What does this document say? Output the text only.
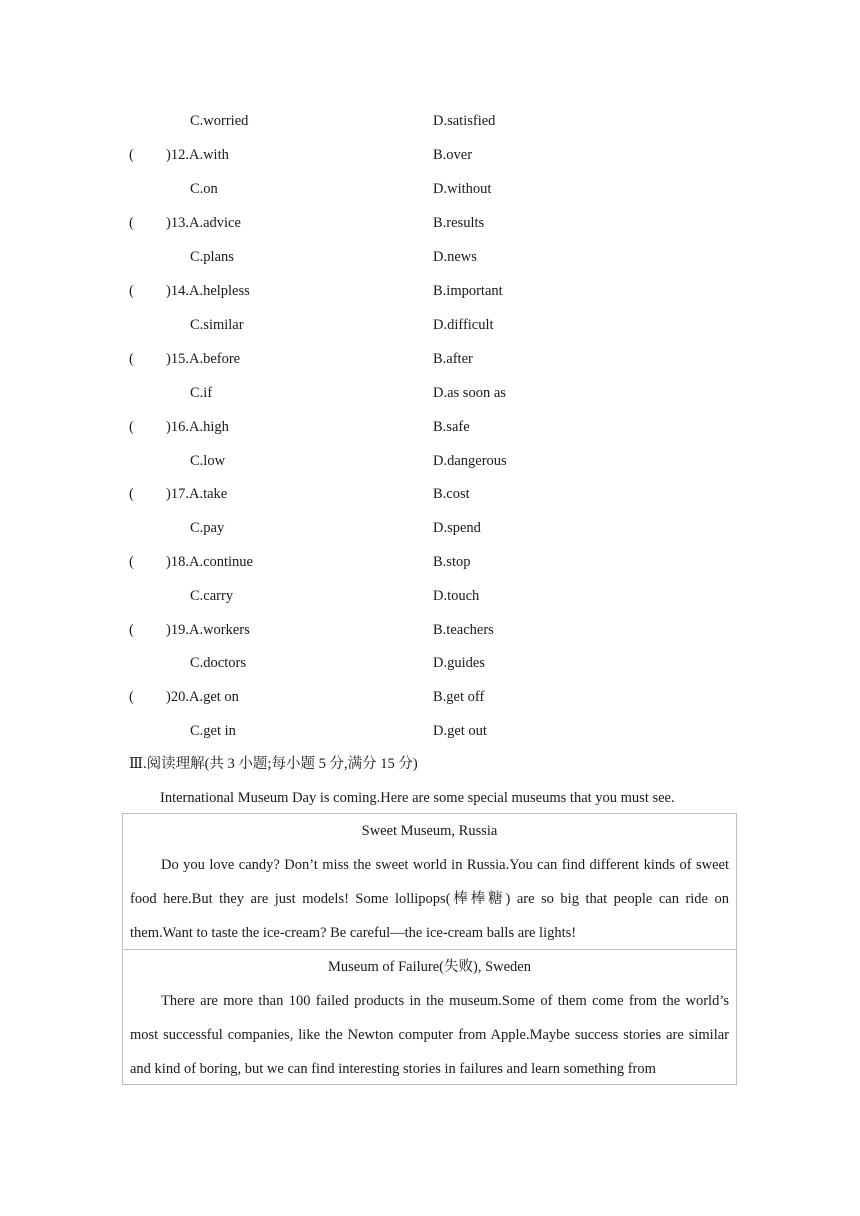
C.worried	D.satisfied
( )12.A.with	B.over
C.on	D.without
( )13.A.advice	B.results
C.plans	D.news
( )14.A.helpless	B.important
C.similar	D.difficult
( )15.A.before	B.after
C.if	D.as soon as
( )16.A.high	B.safe
C.low	D.dangerous
( )17.A.take	B.cost
C.pay	D.spend
( )18.A.continue	B.stop
C.carry	D.touch
( )19.A.workers	B.teachers
C.doctors	D.guides
( )20.A.get on	B.get off
C.get in	D.get out
Ⅲ.阅读理解(共 3 小题;每小题 5 分,满分 15 分)
International Museum Day is coming.Here are some special museums that you must see.
Sweet Museum, Russia

Do you love candy? Don’t miss the sweet world in Russia.You can find different kinds of sweet food here.But they are just models! Some lollipops(棒棒糖) are so big that people can ride on them.Want to taste the ice-cream? Be careful—the ice-cream balls are lights!

Museum of Failure(失败), Sweden

There are more than 100 failed products in the museum.Some of them come from the world’s most successful companies, like the Newton computer from Apple.Maybe success stories are similar and kind of boring, but we can find interesting stories in failures and learn something from
